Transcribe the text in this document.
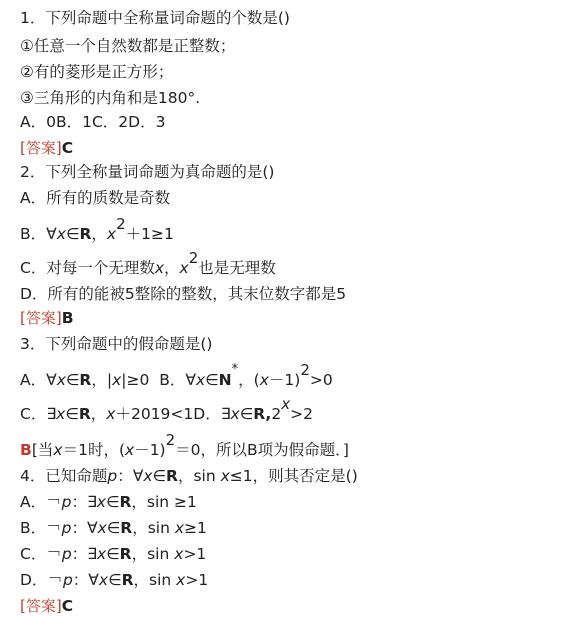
1．下列命题中全称量词命题的个数是()
①任意一个自然数都是正整数；
②有的菱形是正方形；
③三角形的内角和是180°.
A．0B．1C．2D．3
[答案]C
2．下列全称量词命题为真命题的是()
A．所有的质数是奇数
B．∀x∈R，$x^2+1\ge 1$
C．对每一个无理数x，$x^2$也是无理数
D．所有的能被5整除的整数，其末位数字都是5
[答案]B
3．下列命题中的假命题是()
A．∀x∈R，|x|≥0 B．∀x∈N*，$(x-1)^2>0$
C．∃x∈R，x＋2019<1D．$\exists x\in R,2^x>2$
B[当x＝1时，$(x-1)^2=0$，所以B项为假命题．]
4．已知命题p：∀x∈R，sin x≤1，则其否定是()
A．￢p：∃x∈R，sin ≥1
B．￢p：∀x∈R，sin x≥1
C．￢p：∃x∈R，sin x>1
D．￢p：∀x∈R，sin x>1
[答案]C
